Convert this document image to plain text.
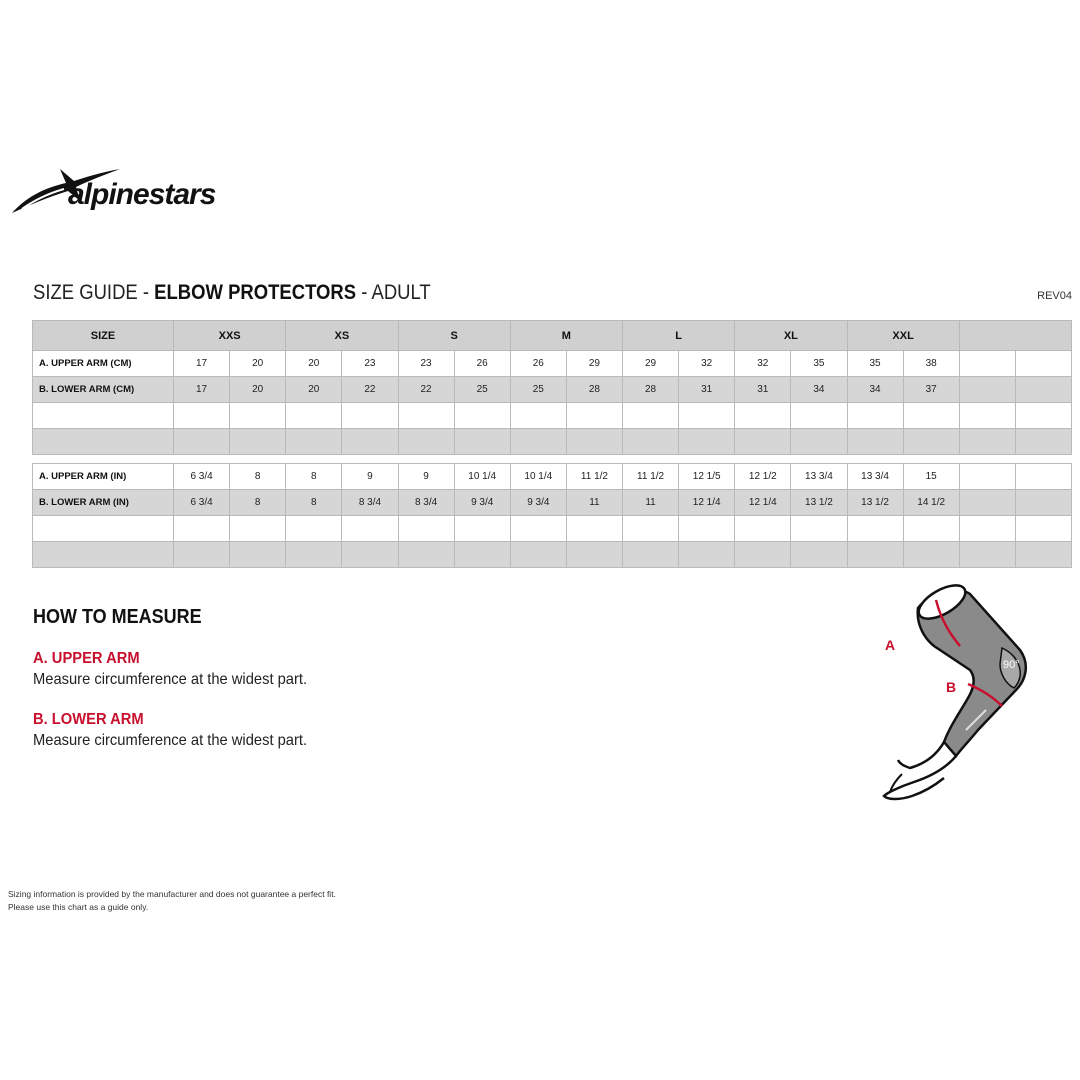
alpinestars
SIZE GUIDE - ELBOW PROTECTORS - ADULT	REV04
SIZE	XXS		XS		S		M		L		XL		XXL			
A. UPPER ARM (CM)	17	20	20	23	23	26	26	29	29	32	32	35	35	38		
B. LOWER ARM (CM)	17	20	20	22	22	25	25	28	28	31	31	34	34	37		

A. UPPER ARM (IN)	6 3/4	8	8	9	9	10 1/4	10 1/4	11 1/2	11 1/2	12 1/5	12 1/2	13 3/4	13 3/4	15		
B. LOWER ARM (IN)	6 3/4	8	8	8 3/4	8 3/4	9 3/4	9 3/4	11	11	12 1/4	12 1/4	13 1/2	13 1/2	14 1/2		

HOW TO MEASURE
A. UPPER ARM
Measure circumference at the widest part.
B. LOWER ARM
Measure circumference at the widest part.
A
B
90°
Sizing information is provided by the manufacturer and does not guarantee a perfect fit.
Please use this chart as a guide only.
